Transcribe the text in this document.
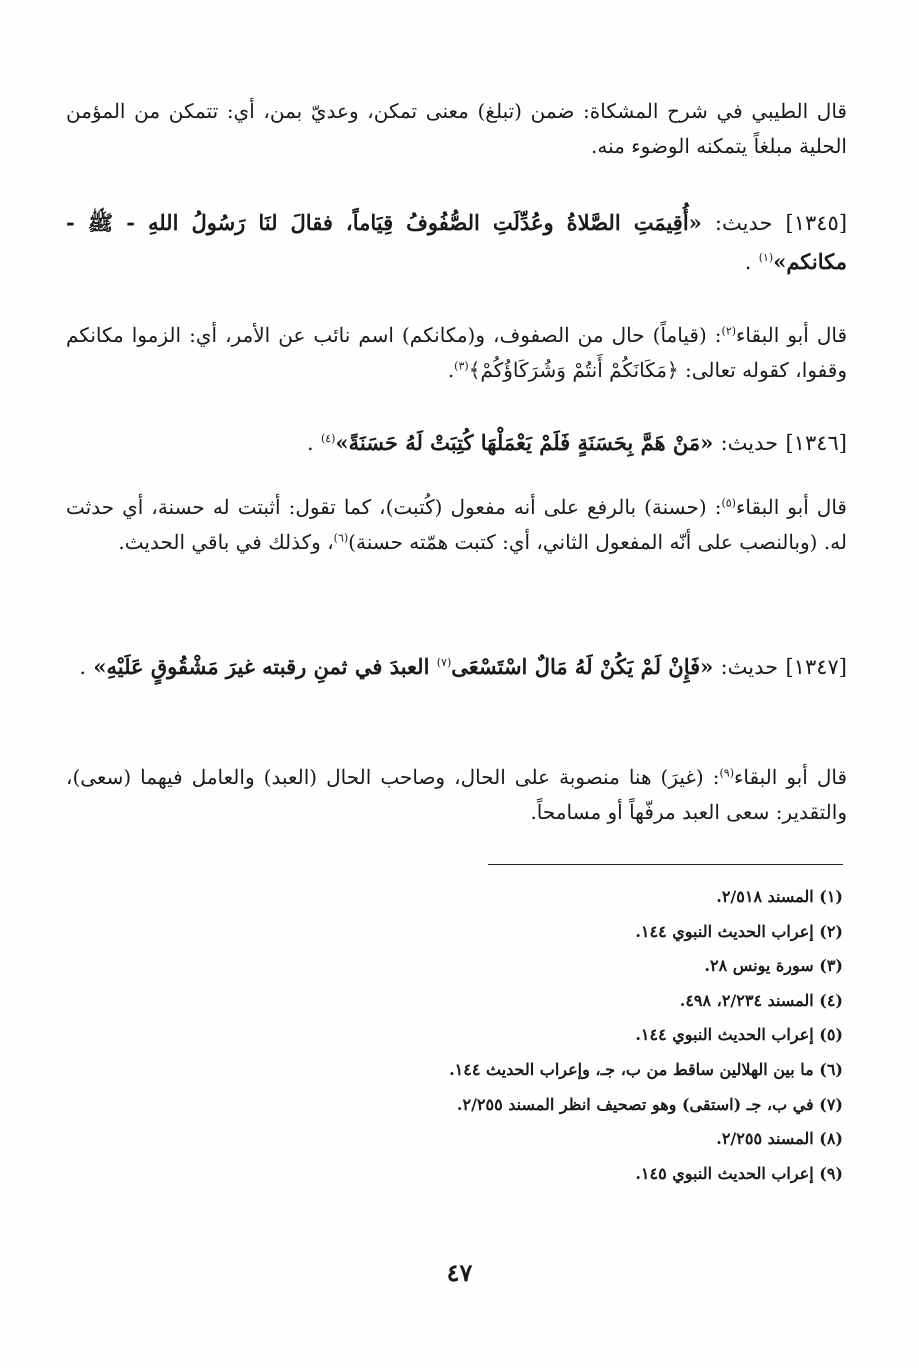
قال الطيبي في شرح المشكاة: ضمن (تبلغ) معنى تمكن، وعديّ بمن، أي: تتمكن من المؤمن الحلية مبلغاً يتمكنه الوضوء منه.

[١٣٤٥] حديث: «أُقِيمَتِ الصَّلاةُ وعُدِّلَتِ الصُّفُوفُ قِيَاماً، فقالَ لنَا رَسُولُ اللهِ - ﷺ - مكانكم»$^{(١)}$ .

قال أبو البقاء$^{(٢)}$: (قياماً) حال من الصفوف، و(مكانكم) اسم نائب عن الأمر، أي: الزموا مكانكم وقفوا، كقوله تعالى: ﴿مَكَانَكُمْ أَنتُمْ وَشُرَكَاؤُكُمْ﴾$^{(٣)}$.

[١٣٤٦] حديث: «مَنْ هَمَّ بِحَسَنَةٍ فَلَمْ يَعْمَلْهَا كُتِبَتْ لَهُ حَسَنَةً»$^{(٤)}$ .

قال أبو البقاء$^{(٥)}$: (حسنة) بالرفع على أنه مفعول (كُتبت)، كما تقول: أثبتت له حسنة، أي حدثت له. (وبالنصب على أنّه المفعول الثاني، أي: كتبت همّته حسنة)$^{(٦)}$، وكذلك في باقي الحديث.

[١٣٤٧] حديث: «فَإِنْ لَمْ يَكُنْ لَهُ مَالٌ اسْتَسْعَى$^{(٧)}$ العبدَ في ثمنِ رقبته غيرَ مَشْقُوقٍ عَلَيْهِ» .

قال أبو البقاء$^{(٩)}$: (غيرَ) هنا منصوبة على الحال، وصاحب الحال (العبد) والعامل فيهما (سعى)، والتقدير: سعى العبد مرفّهاً أو مسامحاً.

(١) المسند ٢/٥١٨.
(٢) إعراب الحديث النبوي ١٤٤.
(٣) سورة يونس ٢٨.
(٤) المسند ٢/٢٣٤، ٤٩٨.
(٥) إعراب الحديث النبوي ١٤٤.
(٦) ما بين الهلالين ساقط من ب، جـ، وإعراب الحديث ١٤٤.
(٧) في ب، جـ (استقى) وهو تصحيف انظر المسند ٢/٢٥٥.
(٨) المسند ٢/٢٥٥.
(٩) إعراب الحديث النبوي ١٤٥.
٤٧
